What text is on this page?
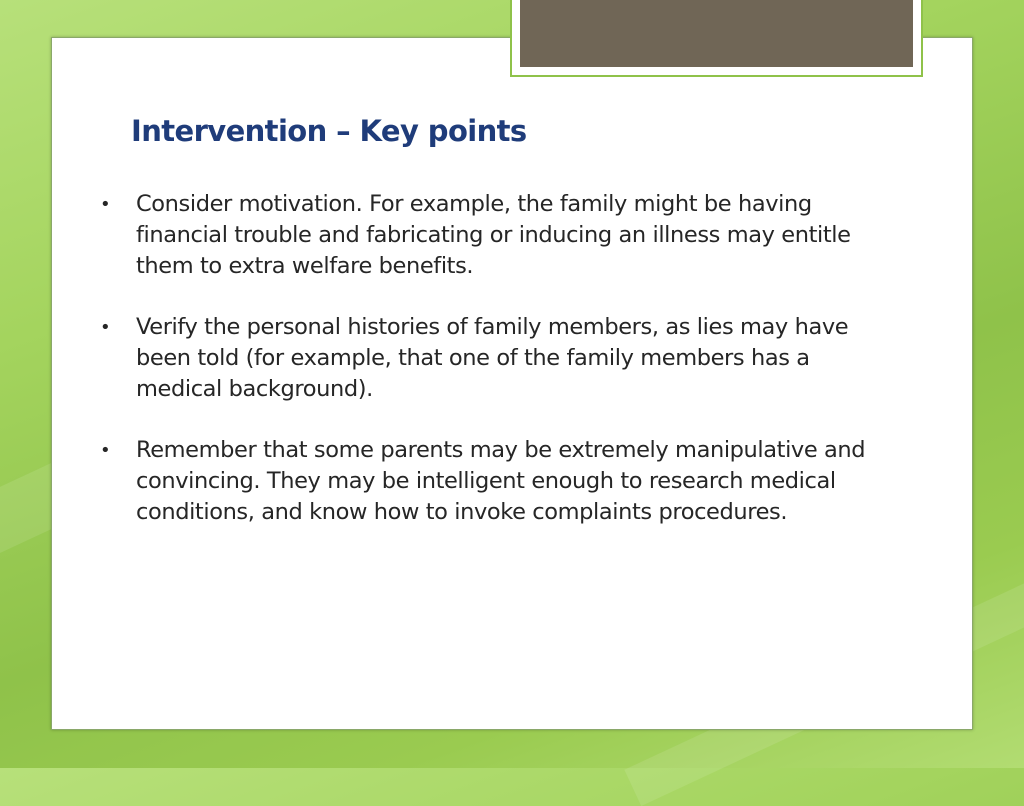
Intervention – Key points
• Consider motivation. For example, the family might be having financial trouble and fabricating or inducing an illness may entitle them to extra welfare benefits.
• Verify the personal histories of family members, as lies may have been told (for example, that one of the family members has a medical background).
• Remember that some parents may be extremely manipulative and convincing. They may be intelligent enough to research medical conditions, and know how to invoke complaints procedures.
